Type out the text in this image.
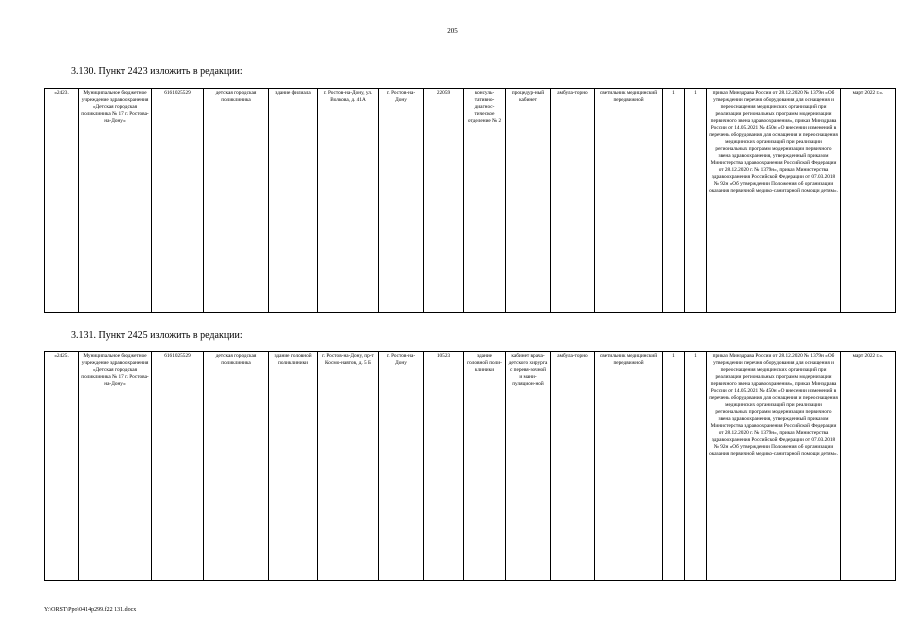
205
3.130. Пункт 2423 изложить в редакции:
«2423.	Муниципальное бюджетное учреждение здравоохранения «Детская городская поликлиника № 17 г. Ростова-на-Дону»	6161025529	детская городская поликлиника	здание филиала	г. Ростов-на-Дону, ул. Волкова, д. 41А	г. Ростов-на-Дону	22059	консуль-тативно-диагнос-тическое отделение № 2	процедур-ный кабинет	амбула-торно	светильник медицинский передвижной	1	1	приказ Минздрава России от 28.12.2020 № 1379н «Об утверждении перечня оборудования для оснащения и переоснащения медицинских организаций при реализации региональных программ модернизации первичного звена здравоохранения», приказ Минздрава России от 14.05.2021 № 450н «О внесении изменений в перечень оборудования для оснащения и переоснащения медицинских организаций при реализации региональных программ модернизации первичного звена здравоохранения, утвержденный приказом Министерства здравоохранения Российской Федерации от 28.12.2020 г. № 1379н», приказ Министерства здравоохранения Российской Федерации от 07.03.2018 № 92н «Об утверждении Положения об организации оказания первичной медико-санитарной помощи детям».	март 2022 г.».
3.131. Пункт 2425 изложить в редакции:
«2425.	Муниципальное бюджетное учреждение здравоохранения «Детская городская поликлиника № 17 г. Ростова-на-Дону»	6161025529	детская городская поликлиника	здание головной поликлиники	г. Ростов-на-Дону, пр-т Космо-навтов, д. 5 Б	г. Ростов-на-Дону	10523	здание головной поли-клиники	кабинет врача-детского хирурга с перевя-зочной и мани-пуляцион-ной	амбула-торно	светильник медицинский передвижной	1	1	приказ Минздрава России от 28.12.2020 № 1379н «Об утверждении перечня оборудования для оснащения и переоснащения медицинских организаций при реализации региональных программ модернизации первичного звена здравоохранения», приказ Минздрава России от 14.05.2021 № 450н «О внесении изменений в перечень оборудования для оснащения и переоснащения медицинских организаций при реализации региональных программ модернизации первичного звена здравоохранения, утвержденный приказом Министерства здравоохранения Российской Федерации от 28.12.2020 г. № 1379н», приказ Министерства здравоохранения Российской Федерации от 07.03.2018 № 92н «Об утверждении Положения об организации оказания первичной медико-санитарной помощи детям».	март 2022 г.».
Y:\ORST\Ppo\0414p299.f22 131.docx
